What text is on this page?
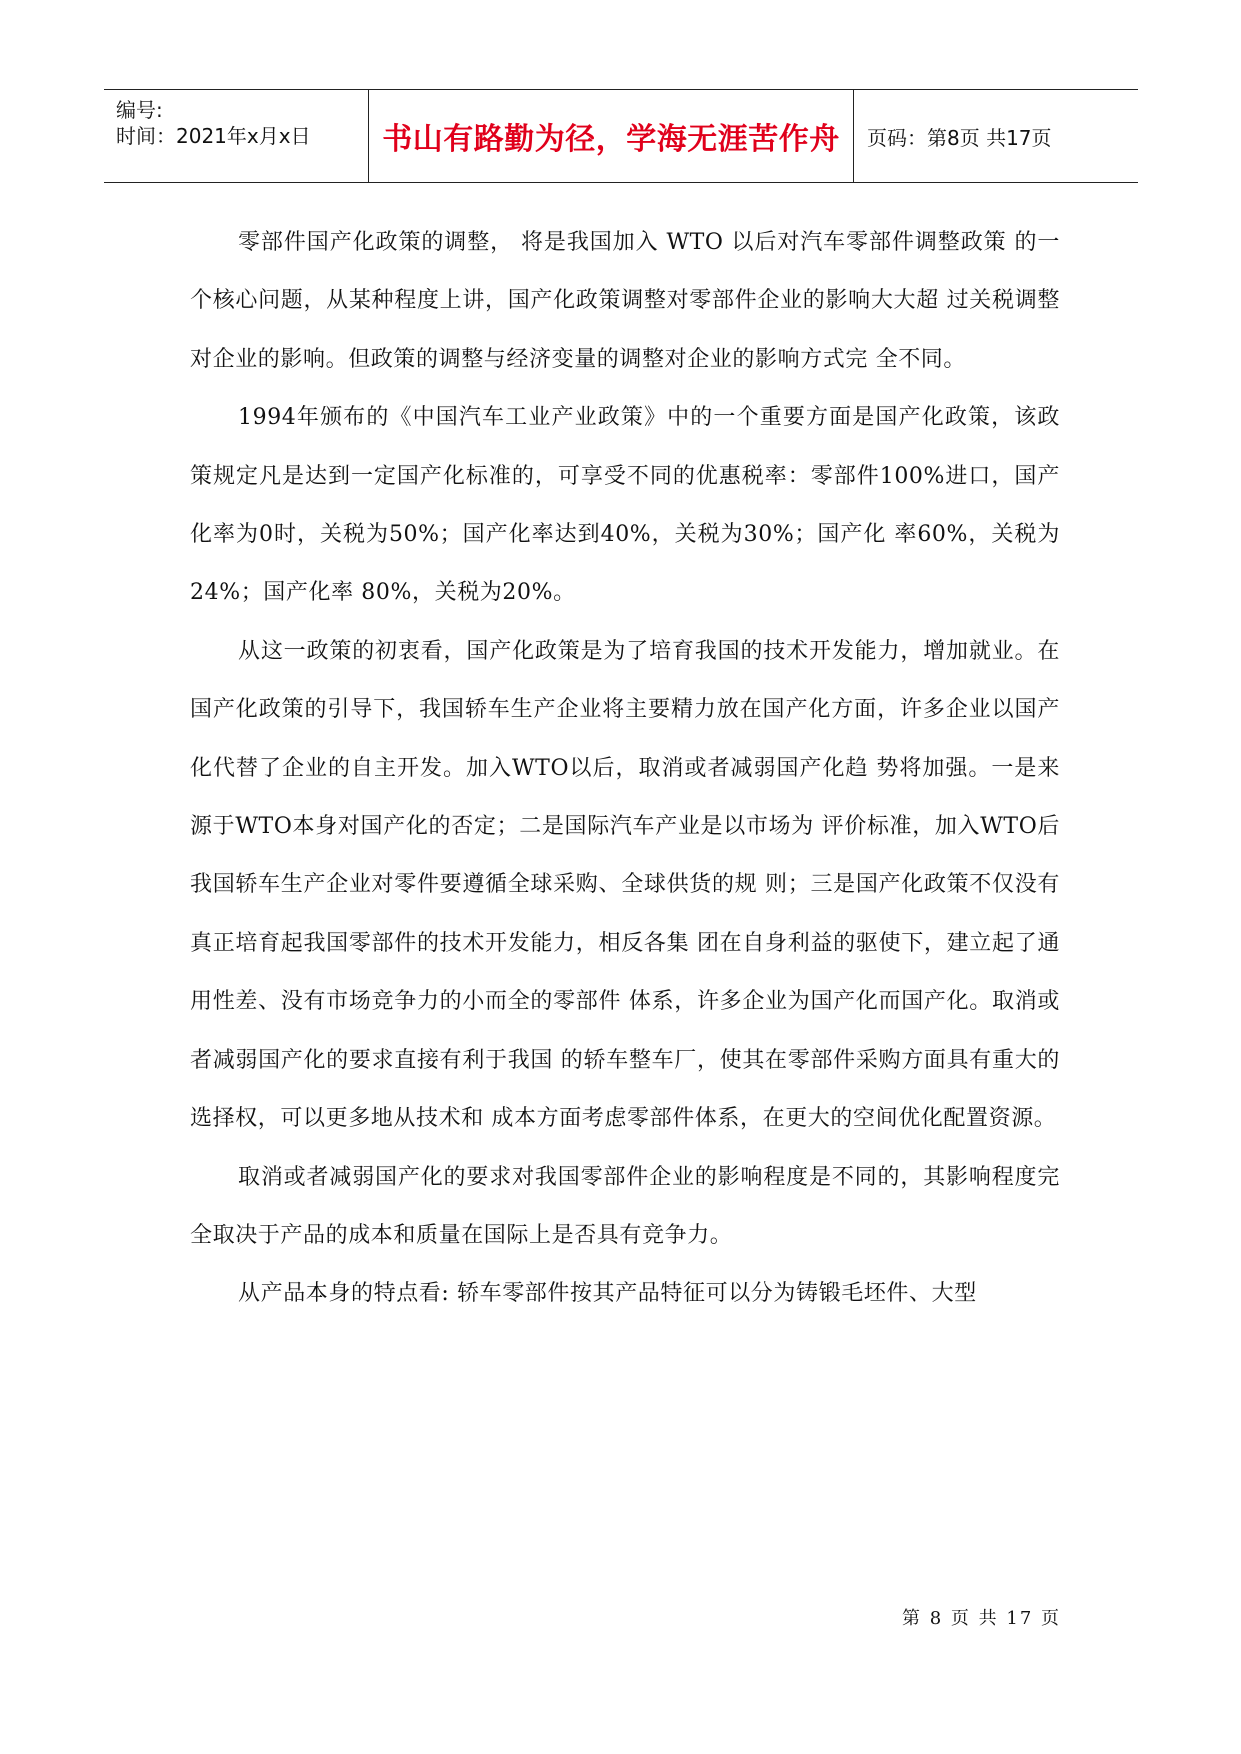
编号:
时间：2021年x月x日 书山有路勤为径，学海无涯苦作舟 页码：第8页 共17页

零部件国产化政策的调整， 将是我国加入 WTO 以后对汽车零部件调整政策 的一个核心问题，从某种程度上讲，国产化政策调整对零部件企业的影响大大超 过关税调整对企业的影响。但政策的调整与经济变量的调整对企业的影响方式完 全不同。

1994年颁布的《中国汽车工业产业政策》中的一个重要方面是国产化政策，该政策规定凡是达到一定国产化标准的，可享受不同的优惠税率：零部件100%进口，国产化率为0时，关税为50%；国产化率达到40%，关税为30%；国产化 率60%，关税为24%；国产化率 80%，关税为20%。

从这一政策的初衷看，国产化政策是为了培育我国的技术开发能力，增加就业。在国产化政策的引导下，我国轿车生产企业将主要精力放在国产化方面，许多企业以国产化代替了企业的自主开发。加入WTO以后，取消或者减弱国产化趋 势将加强。一是来源于WTO本身对国产化的否定；二是国际汽车产业是以市场为 评价标准，加入WTO后我国轿车生产企业对零件要遵循全球采购、全球供货的规 则；三是国产化政策不仅没有真正培育起我国零部件的技术开发能力，相反各集 团在自身利益的驱使下，建立起了通用性差、没有市场竞争力的小而全的零部件 体系，许多企业为国产化而国产化。取消或者减弱国产化的要求直接有利于我国 的轿车整车厂，使其在零部件采购方面具有重大的选择权，可以更多地从技术和 成本方面考虑零部件体系，在更大的空间优化配置资源。

取消或者减弱国产化的要求对我国零部件企业的影响程度是不同的，其影响程度完全取决于产品的成本和质量在国际上是否具有竞争力。

从产品本身的特点看: 轿车零部件按其产品特征可以分为铸锻毛坯件、大型

第 8 页 共 17 页
